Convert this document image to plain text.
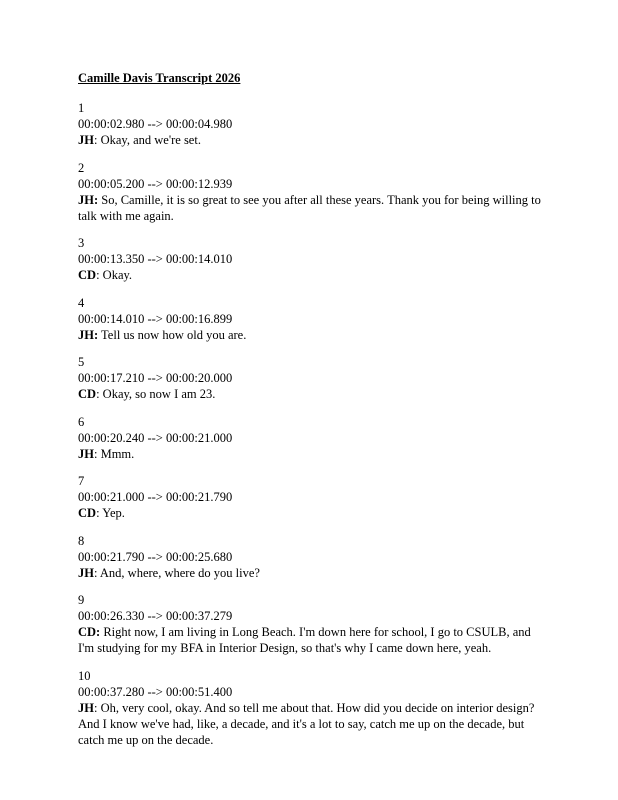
Camille Davis Transcript 2026
1
00:00:02.980 --> 00:00:04.980
JH: Okay, and we're set.
2
00:00:05.200 --> 00:00:12.939
JH: So, Camille, it is so great to see you after all these years. Thank you for being willing to talk with me again.
3
00:00:13.350 --> 00:00:14.010
CD: Okay.
4
00:00:14.010 --> 00:00:16.899
JH: Tell us now how old you are.
5
00:00:17.210 --> 00:00:20.000
CD: Okay, so now I am 23.
6
00:00:20.240 --> 00:00:21.000
JH: Mmm.
7
00:00:21.000 --> 00:00:21.790
CD: Yep.
8
00:00:21.790 --> 00:00:25.680
JH: And, where, where do you live?
9
00:00:26.330 --> 00:00:37.279
CD: Right now, I am living in Long Beach. I'm down here for school, I go to CSULB, and I'm studying for my BFA in Interior Design, so that's why I came down here, yeah.
10
00:00:37.280 --> 00:00:51.400
JH: Oh, very cool, okay. And so tell me about that. How did you decide on interior design? And I know we've had, like, a decade, and it's a lot to say, catch me up on the decade, but catch me up on the decade.
